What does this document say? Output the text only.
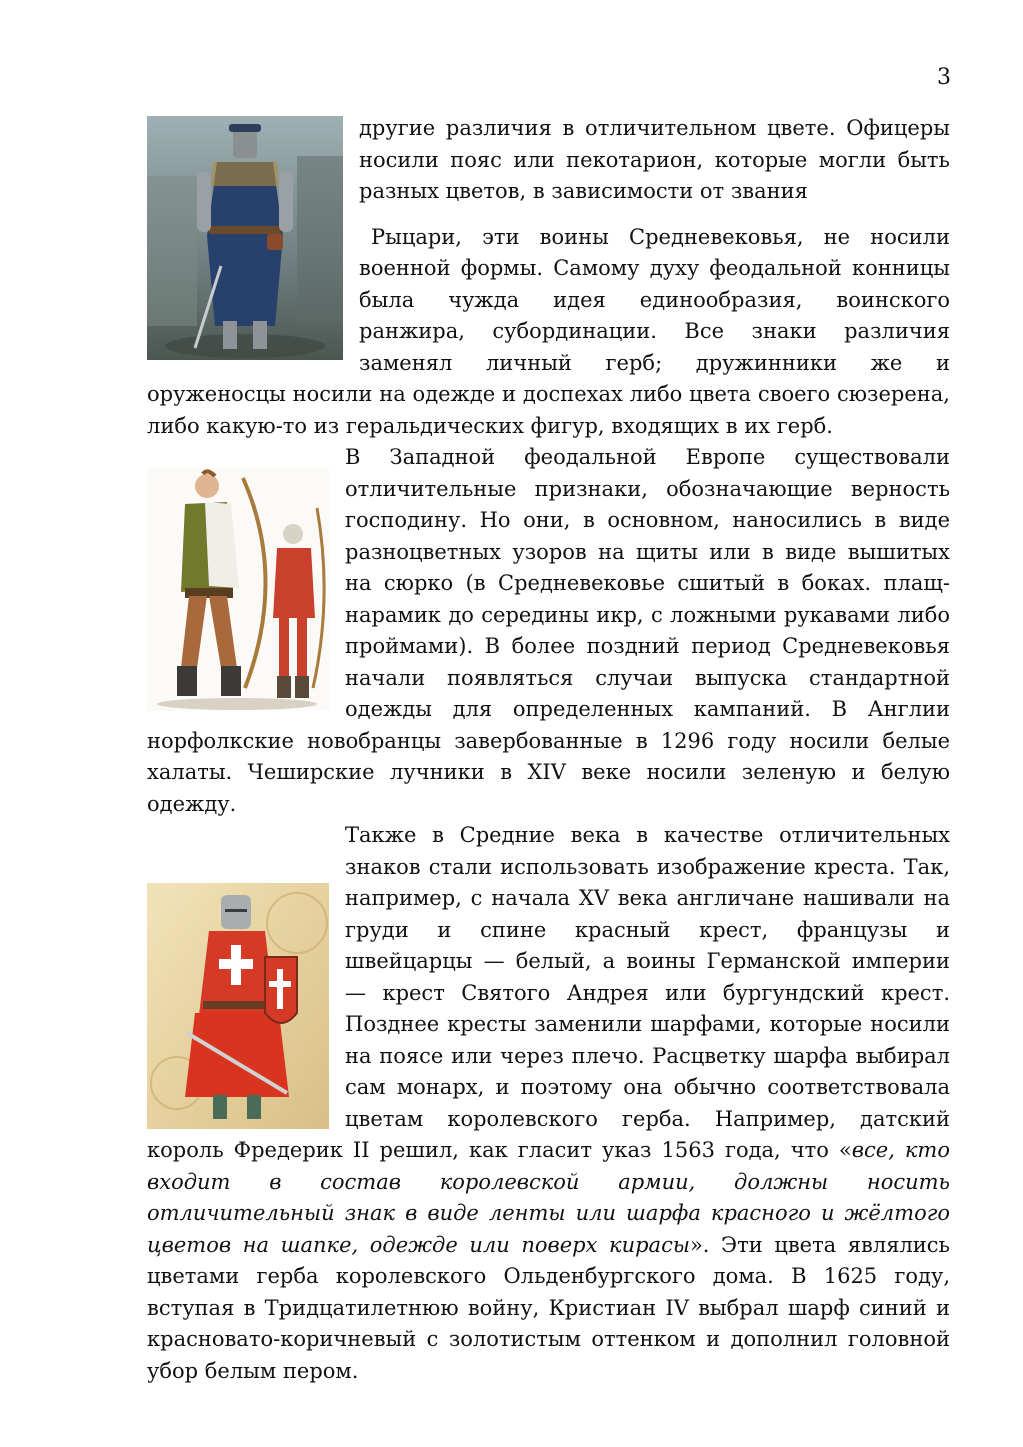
3

другие различия в отличительном цвете. Офицеры носили пояс или пекотарион, которые могли быть разных цветов, в зависимости от звания

Рыцари, эти воины Средневековья, не носили военной формы. Самому духу феодальной конницы была чужда идея единообразия, воинского ранжира, субординации. Все знаки различия заменял личный герб; дружинники же и оруженосцы носили на одежде и доспехах либо цвета своего сюзерена, либо какую-то из геральдических фигур, входящих в их герб.

В Западной феодальной Европе существовали отличительные признаки, обозначающие верность господину. Но они, в основном, наносились в виде разноцветных узоров на щиты или в виде вышитых на сюрко (в Средневековье сшитый в боках. плащ-нарамик до середины икр, с ложными рукавами либо проймами). В более поздний период Средневековья начали появляться случаи выпуска стандартной одежды для определенных кампаний. В Англии норфолкские новобранцы завербованные в 1296 году носили белые халаты. Чеширские лучники в XIV веке носили зеленую и белую одежду.

Также в Средние века в качестве отличительных знаков стали использовать изображение креста. Так, например, с начала XV века англичане нашивали на груди и спине красный крест, французы и швейцарцы — белый, а воины Германской империи — крест Святого Андрея или бургундский крест. Позднее кресты заменили шарфами, которые носили на поясе или через плечо. Расцветку шарфа выбирал сам монарх, и поэтому она обычно соответствовала цветам королевского герба. Например, датский король Фредерик II решил, как гласит указ 1563 года, что «все, кто входит в состав королевской армии, должны носить отличительный знак в виде ленты или шарфа красного и жёлтого цветов на шапке, одежде или поверх кирасы». Эти цвета являлись цветами герба королевского Ольденбургского дома. В 1625 году, вступая в Тридцатилетнюю войну, Кристиан IV выбрал шарф синий и красновато-коричневый с золотистым оттенком и дополнил головной убор белым пером.
